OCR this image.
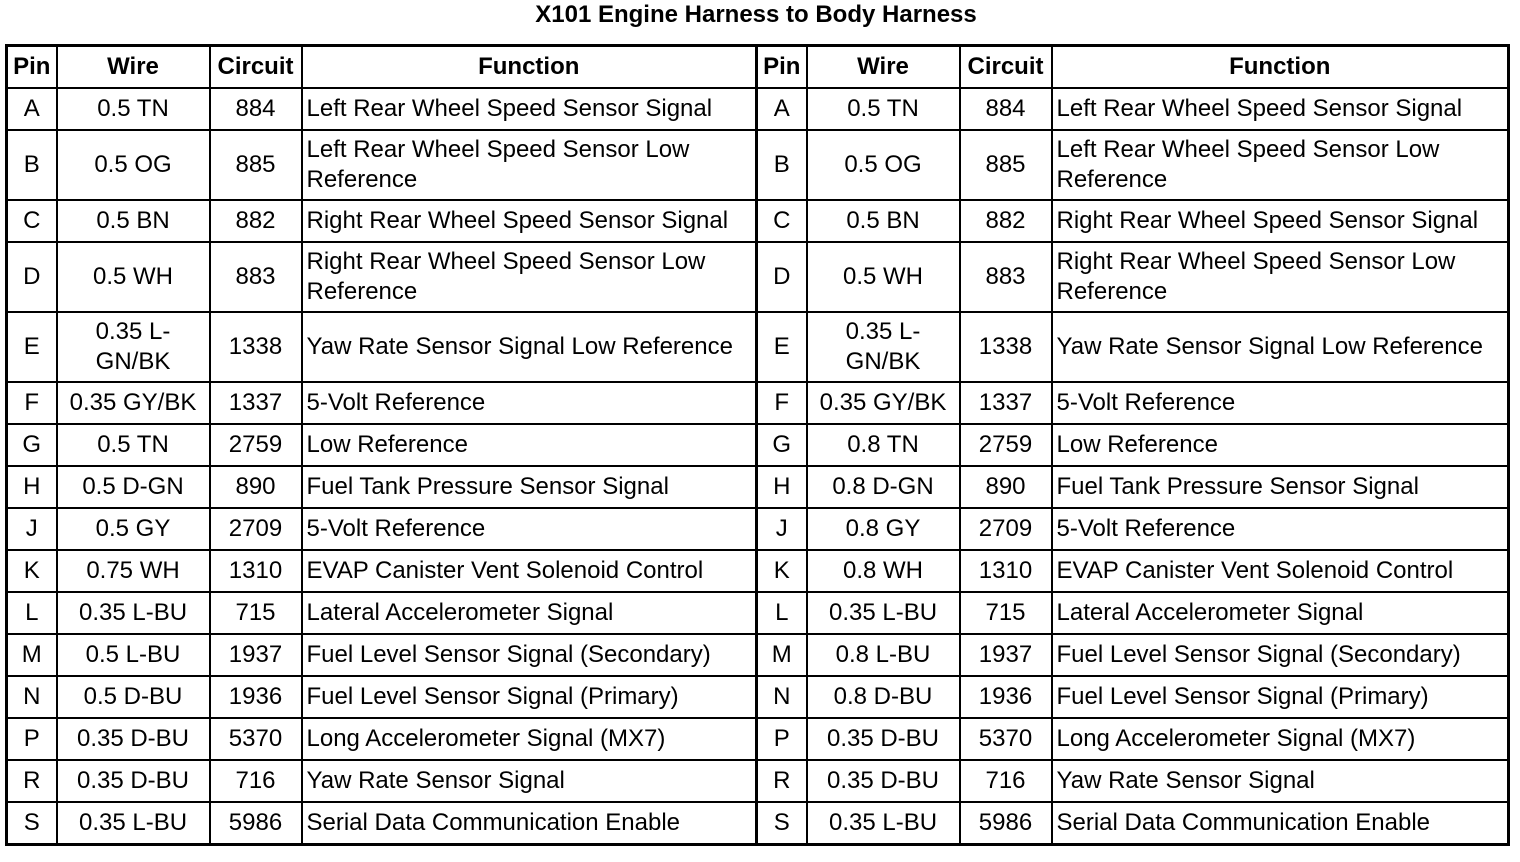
X101 Engine Harness to Body Harness
Pin	Wire	Circuit	Function	Pin	Wire	Circuit	Function
A	0.5 TN	884	Left Rear Wheel Speed Sensor Signal	A	0.5 TN	884	Left Rear Wheel Speed Sensor Signal
B	0.5 OG	885	Left Rear Wheel Speed Sensor Low Reference	B	0.5 OG	885	Left Rear Wheel Speed Sensor Low Reference
C	0.5 BN	882	Right Rear Wheel Speed Sensor Signal	C	0.5 BN	882	Right Rear Wheel Speed Sensor Signal
D	0.5 WH	883	Right Rear Wheel Speed Sensor Low Reference	D	0.5 WH	883	Right Rear Wheel Speed Sensor Low Reference
E	0.35 L-GN/BK	1338	Yaw Rate Sensor Signal Low Reference	E	0.35 L-GN/BK	1338	Yaw Rate Sensor Signal Low Reference
F	0.35 GY/BK	1337	5-Volt Reference	F	0.35 GY/BK	1337	5-Volt Reference
G	0.5 TN	2759	Low Reference	G	0.8 TN	2759	Low Reference
H	0.5 D-GN	890	Fuel Tank Pressure Sensor Signal	H	0.8 D-GN	890	Fuel Tank Pressure Sensor Signal
J	0.5 GY	2709	5-Volt Reference	J	0.8 GY	2709	5-Volt Reference
K	0.75 WH	1310	EVAP Canister Vent Solenoid Control	K	0.8 WH	1310	EVAP Canister Vent Solenoid Control
L	0.35 L-BU	715	Lateral Accelerometer Signal	L	0.35 L-BU	715	Lateral Accelerometer Signal
M	0.5 L-BU	1937	Fuel Level Sensor Signal (Secondary)	M	0.8 L-BU	1937	Fuel Level Sensor Signal (Secondary)
N	0.5 D-BU	1936	Fuel Level Sensor Signal (Primary)	N	0.8 D-BU	1936	Fuel Level Sensor Signal (Primary)
P	0.35 D-BU	5370	Long Accelerometer Signal (MX7)	P	0.35 D-BU	5370	Long Accelerometer Signal (MX7)
R	0.35 D-BU	716	Yaw Rate Sensor Signal	R	0.35 D-BU	716	Yaw Rate Sensor Signal
S	0.35 L-BU	5986	Serial Data Communication Enable	S	0.35 L-BU	5986	Serial Data Communication Enable
